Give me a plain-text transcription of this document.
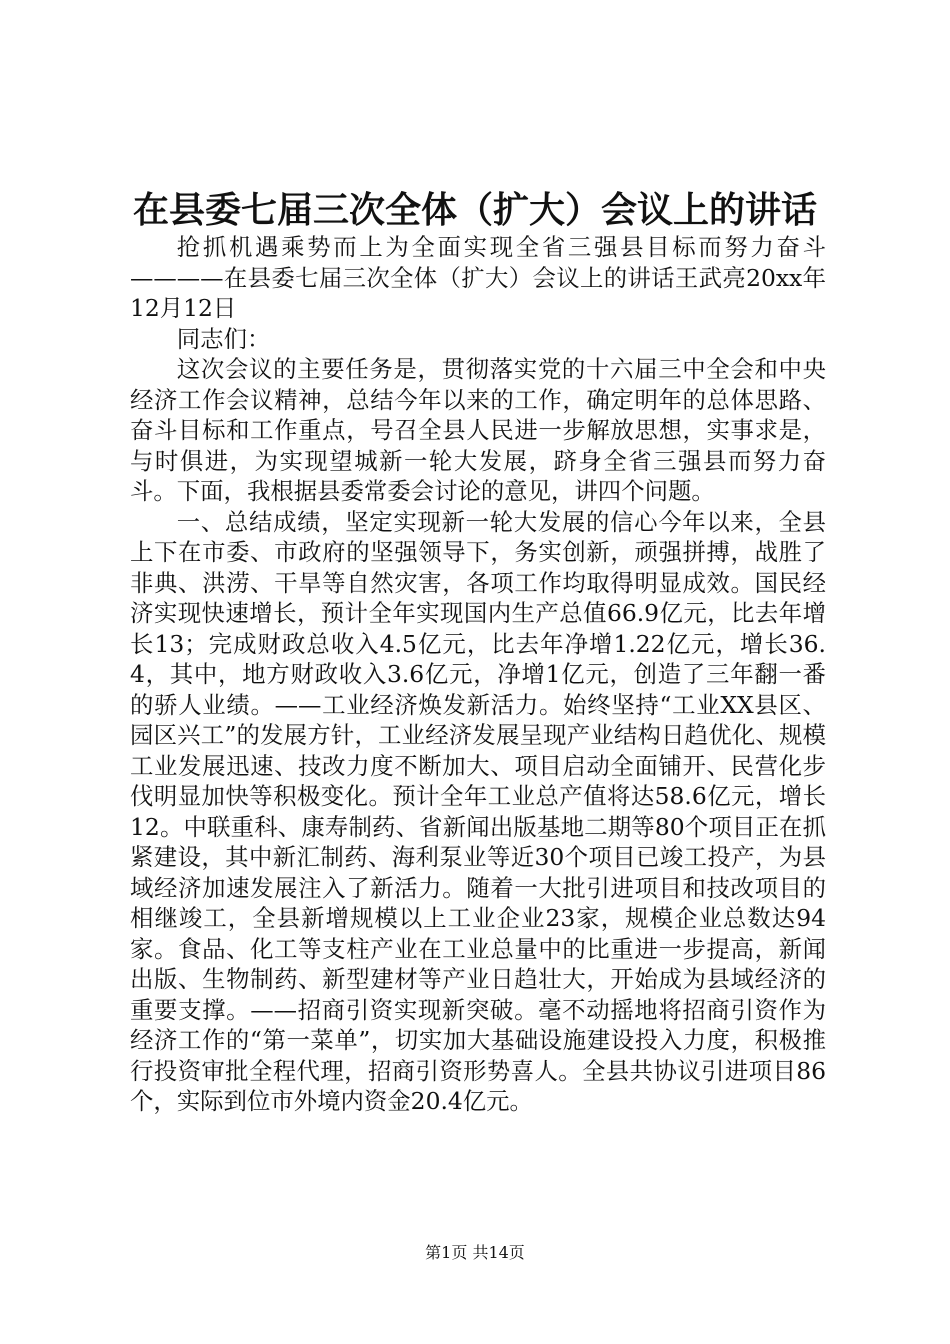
在县委七届三次全体（扩大）会议上的讲话

抢抓机遇乘势而上为全面实现全省三强县目标而努力奋斗————在县委七届三次全体（扩大）会议上的讲话王武亮20xx年12月12日

同志们：

这次会议的主要任务是，贯彻落实党的十六届三中全会和中央经济工作会议精神，总结今年以来的工作，确定明年的总体思路、奋斗目标和工作重点，号召全县人民进一步解放思想，实事求是，与时俱进，为实现望城新一轮大发展，跻身全省三强县而努力奋斗。下面，我根据县委常委会讨论的意见，讲四个问题。

一、总结成绩，坚定实现新一轮大发展的信心今年以来，全县上下在市委、市政府的坚强领导下，务实创新，顽强拼搏，战胜了非典、洪涝、干旱等自然灾害，各项工作均取得明显成效。国民经济实现快速增长，预计全年实现国内生产总值66.9亿元，比去年增长13；完成财政总收入4.5亿元，比去年净增1.22亿元，增长36.4，其中，地方财政收入3.6亿元，净增1亿元，创造了三年翻一番的骄人业绩。——工业经济焕发新活力。始终坚持“工业XX县区、园区兴工”的发展方针，工业经济发展呈现产业结构日趋优化、规模工业发展迅速、技改力度不断加大、项目启动全面铺开、民营化步伐明显加快等积极变化。预计全年工业总产值将达58.6亿元，增长12。中联重科、康寿制药、省新闻出版基地二期等80个项目正在抓紧建设，其中新汇制药、海利泵业等近30个项目已竣工投产，为县域经济加速发展注入了新活力。随着一大批引进项目和技改项目的相继竣工，全县新增规模以上工业企业23家，规模企业总数达94家。食品、化工等支柱产业在工业总量中的比重进一步提高，新闻出版、生物制药、新型建材等产业日趋壮大，开始成为县域经济的重要支撑。——招商引资实现新突破。毫不动摇地将招商引资作为经济工作的“第一菜单”，切实加大基础设施建设投入力度，积极推行投资审批全程代理，招商引资形势喜人。全县共协议引进项目86个，实际到位市外境内资金20.4亿元。

第1页 共14页
